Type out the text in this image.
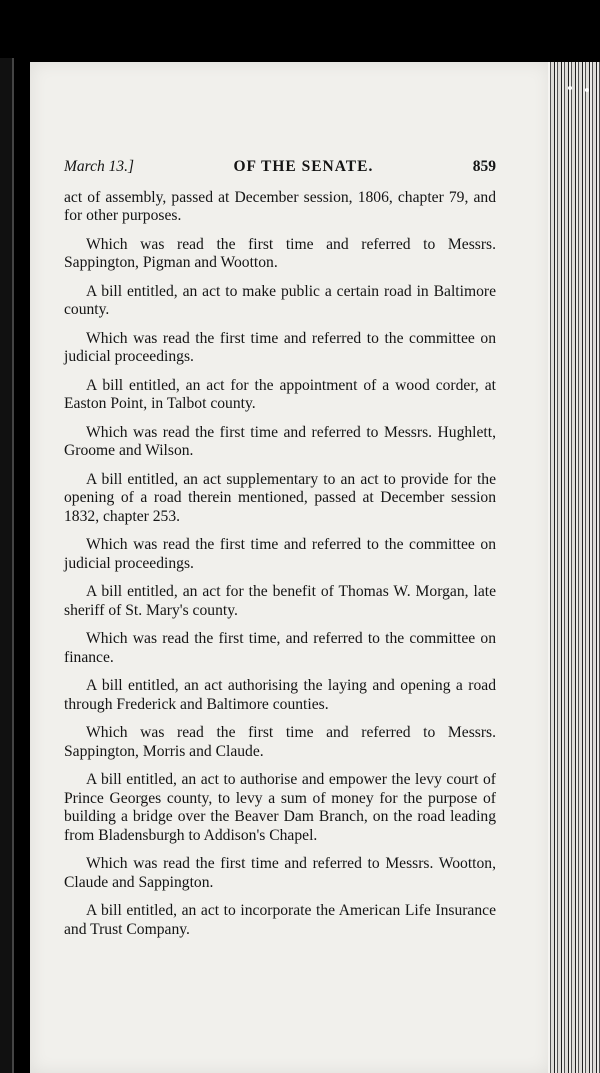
March 13.]	OF THE SENATE.	859

act of assembly, passed at December session, 1806, chapter 79, and for other purposes.

Which was read the first time and referred to Messrs. Sappington, Pigman and Wootton.

A bill entitled, an act to make public a certain road in Baltimore county.

Which was read the first time and referred to the committee on judicial proceedings.

A bill entitled, an act for the appointment of a wood corder, at Easton Point, in Talbot county.

Which was read the first time and referred to Messrs. Hughlett, Groome and Wilson.

A bill entitled, an act supplementary to an act to provide for the opening of a road therein mentioned, passed at December session 1832, chapter 253.

Which was read the first time and referred to the committee on judicial proceedings.

A bill entitled, an act for the benefit of Thomas W. Morgan, late sheriff of St. Mary's county.

Which was read the first time, and referred to the committee on finance.

A bill entitled, an act authorising the laying and opening a road through Frederick and Baltimore counties.

Which was read the first time and referred to Messrs. Sappington, Morris and Claude.

A bill entitled, an act to authorise and empower the levy court of Prince Georges county, to levy a sum of money for the purpose of building a bridge over the Beaver Dam Branch, on the road leading from Bladensburgh to Addison's Chapel.

Which was read the first time and referred to Messrs. Wootton, Claude and Sappington.

A bill entitled, an act to incorporate the American Life Insurance and Trust Company.
